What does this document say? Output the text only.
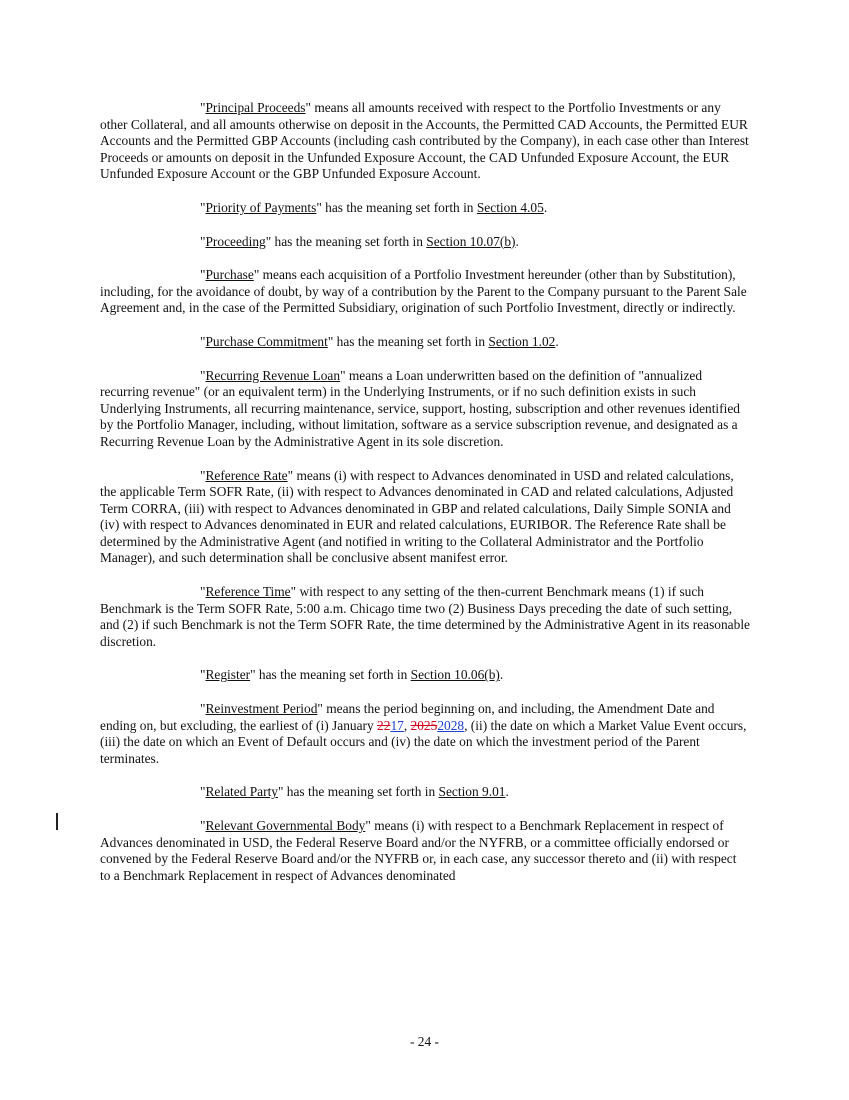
"Principal Proceeds" means all amounts received with respect to the Portfolio Investments or any other Collateral, and all amounts otherwise on deposit in the Accounts, the Permitted CAD Accounts, the Permitted EUR Accounts and the Permitted GBP Accounts (including cash contributed by the Company), in each case other than Interest Proceeds or amounts on deposit in the Unfunded Exposure Account, the CAD Unfunded Exposure Account, the EUR Unfunded Exposure Account or the GBP Unfunded Exposure Account.

"Priority of Payments" has the meaning set forth in Section 4.05.

"Proceeding" has the meaning set forth in Section 10.07(b).

"Purchase" means each acquisition of a Portfolio Investment hereunder (other than by Substitution), including, for the avoidance of doubt, by way of a contribution by the Parent to the Company pursuant to the Parent Sale Agreement and, in the case of the Permitted Subsidiary, origination of such Portfolio Investment, directly or indirectly.

"Purchase Commitment" has the meaning set forth in Section 1.02.

"Recurring Revenue Loan" means a Loan underwritten based on the definition of "annualized recurring revenue" (or an equivalent term) in the Underlying Instruments, or if no such definition exists in such Underlying Instruments, all recurring maintenance, service, support, hosting, subscription and other revenues identified by the Portfolio Manager, including, without limitation, software as a service subscription revenue, and designated as a Recurring Revenue Loan by the Administrative Agent in its sole discretion.

"Reference Rate" means (i) with respect to Advances denominated in USD and related calculations, the applicable Term SOFR Rate, (ii) with respect to Advances denominated in CAD and related calculations, Adjusted Term CORRA, (iii) with respect to Advances denominated in GBP and related calculations, Daily Simple SONIA and (iv) with respect to Advances denominated in EUR and related calculations, EURIBOR. The Reference Rate shall be determined by the Administrative Agent (and notified in writing to the Collateral Administrator and the Portfolio Manager), and such determination shall be conclusive absent manifest error.

"Reference Time" with respect to any setting of the then-current Benchmark means (1) if such Benchmark is the Term SOFR Rate, 5:00 a.m. Chicago time two (2) Business Days preceding the date of such setting, and (2) if such Benchmark is not the Term SOFR Rate, the time determined by the Administrative Agent in its reasonable discretion.

"Register" has the meaning set forth in Section 10.06(b).

"Reinvestment Period" means the period beginning on, and including, the Amendment Date and ending on, but excluding, the earliest of (i) January 2217, 20252028, (ii) the date on which a Market Value Event occurs, (iii) the date on which an Event of Default occurs and (iv) the date on which the investment period of the Parent terminates.

"Related Party" has the meaning set forth in Section 9.01.

"Relevant Governmental Body" means (i) with respect to a Benchmark Replacement in respect of Advances denominated in USD, the Federal Reserve Board and/or the NYFRB, or a committee officially endorsed or convened by the Federal Reserve Board and/or the NYFRB or, in each case, any successor thereto and (ii) with respect to a Benchmark Replacement in respect of Advances denominated

- 24 -
